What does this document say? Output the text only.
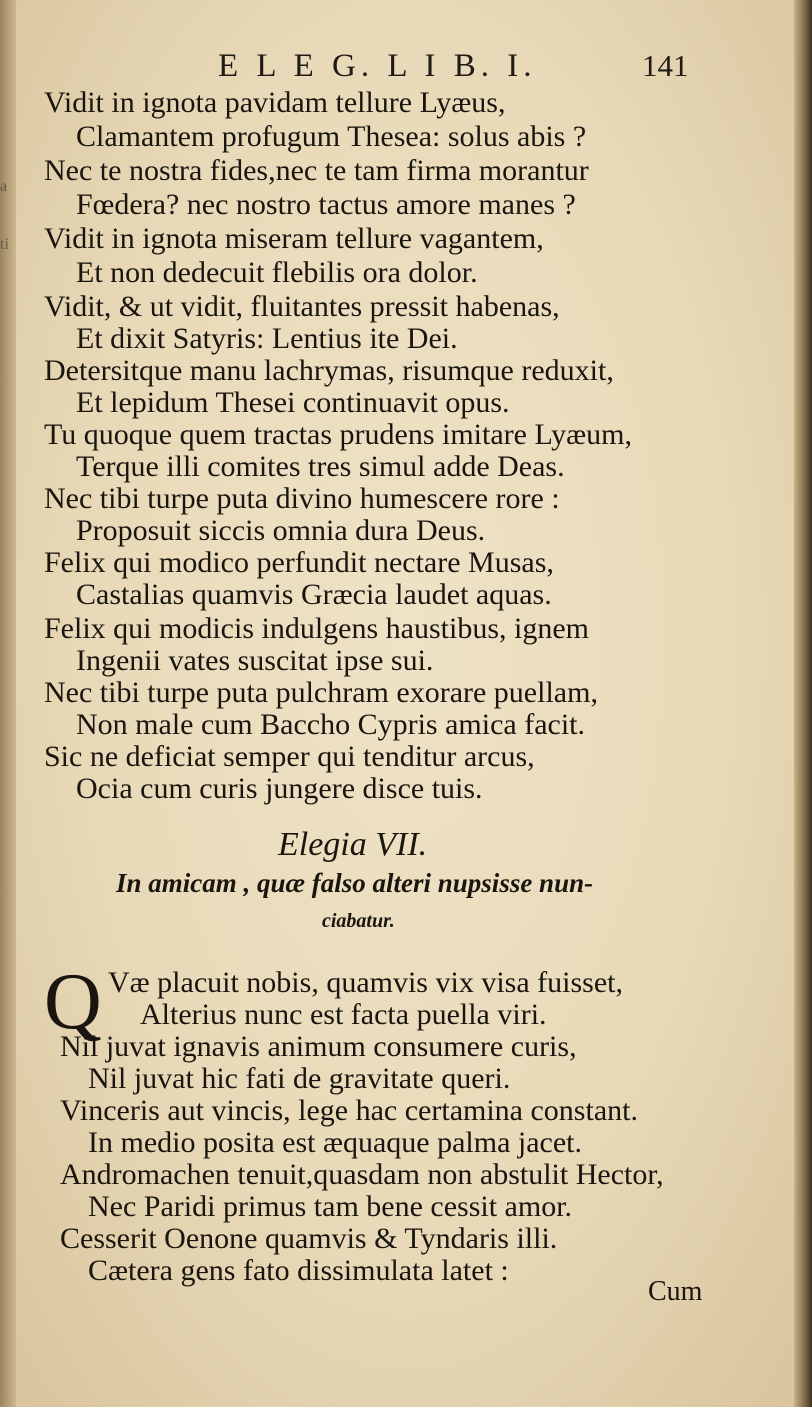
a
ti
E L E G. L I B. I.	141
Vidit in ignota pavidam tellure Lyæus,
Clamantem profugum Thesea: solus abis ?
Nec te nostra fides,nec te tam firma morantur
Fœdera? nec nostro tactus amore manes ?
Vidit in ignota miseram tellure vagantem,
Et non dedecuit flebilis ora dolor.
Vidit, & ut vidit, fluitantes pressit habenas,
Et dixit Satyris: Lentius ite Dei.
Detersitque manu lachrymas, risumque reduxit,
Et lepidum Thesei continuavit opus.
Tu quoque quem tractas prudens imitare Lyæum,
Terque illi comites tres simul adde Deas.
Nec tibi turpe puta divino humescere rore :
Proposuit siccis omnia dura Deus.
Felix qui modico perfundit nectare Musas,
Castalias quamvis Græcia laudet aquas.
Felix qui modicis indulgens haustibus, ignem
Ingenii vates suscitat ipse sui.
Nec tibi turpe puta pulchram exorare puellam,
Non male cum Baccho Cypris amica facit.
Sic ne deficiat semper qui tenditur arcus,
Ocia cum curis jungere disce tuis.
Elegia VII.
In amicam , quæ falso alteri nupsisse nun-
ciabatur.
Q Væ placuit nobis, quamvis vix visa fuisset,
Alterius nunc est facta puella viri.
Nil juvat ignavis animum consumere curis,
Nil juvat hic fati de gravitate queri.
Vinceris aut vincis, lege hac certamina constant.
In medio posita est æquaque palma jacet.
Andromachen tenuit,quasdam non abstulit Hector,
Nec Paridi primus tam bene cessit amor.
Cesserit Oenone quamvis & Tyndaris illi.
Cætera gens fato dissimulata latet :
Cum
